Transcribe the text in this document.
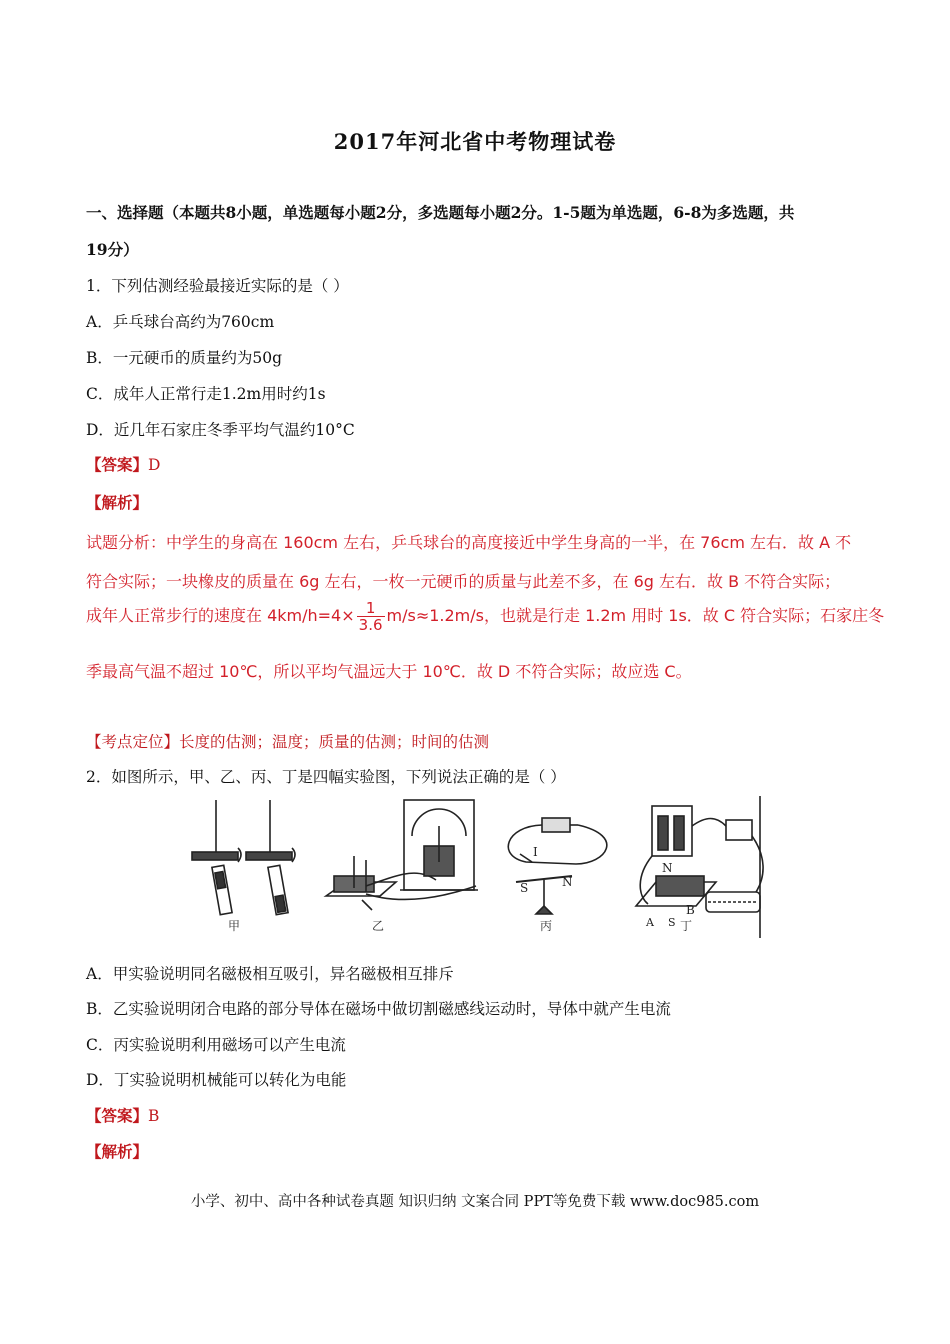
2017年河北省中考物理试卷
一、选择题（本题共8小题，单选题每小题2分，多选题每小题2分。1-5题为单选题，6-8为多选题，共
19分）
1．下列估测经验最接近实际的是（ ）
A．乒乓球台高约为760cm
B．一元硬币的质量约为50g
C．成年人正常行走1.2m用时约1s
D．近几年石家庄冬季平均气温约10°C
【答案】D
【解析】
试题分析：中学生的身高在 160cm 左右，乒乓球台的高度接近中学生身高的一半，在 76cm 左右．故 A 不
符合实际；一块橡皮的质量在 6g 左右，一枚一元硬币的质量与此差不多，在 6g 左右．故 B 不符合实际；
成年人正常步行的速度在 $4km/h=4\times \frac{1}{3.6} m/s\approx 1.2m/s$，也就是行走 1.2m 用时 1s．故 C 符合实际；石家庄冬
季最高气温不超过 10℃，所以平均气温远大于 10℃．故 D 不符合实际；故应选 C。
【考点定位】长度的估测；温度；质量的估测；时间的估测
2．如图所示，甲、乙、丙、丁是四幅实验图，下列说法正确的是（ ）
I
S	N
N
B
A S
甲	乙	丙	丁
A．甲实验说明同名磁极相互吸引，异名磁极相互排斥
B．乙实验说明闭合电路的部分导体在磁场中做切割磁感线运动时，导体中就产生电流
C．丙实验说明利用磁场可以产生电流
D．丁实验说明机械能可以转化为电能
【答案】B
【解析】
小学、初中、高中各种试卷真题 知识归纳 文案合同 PPT等免费下载 www.doc985.com
